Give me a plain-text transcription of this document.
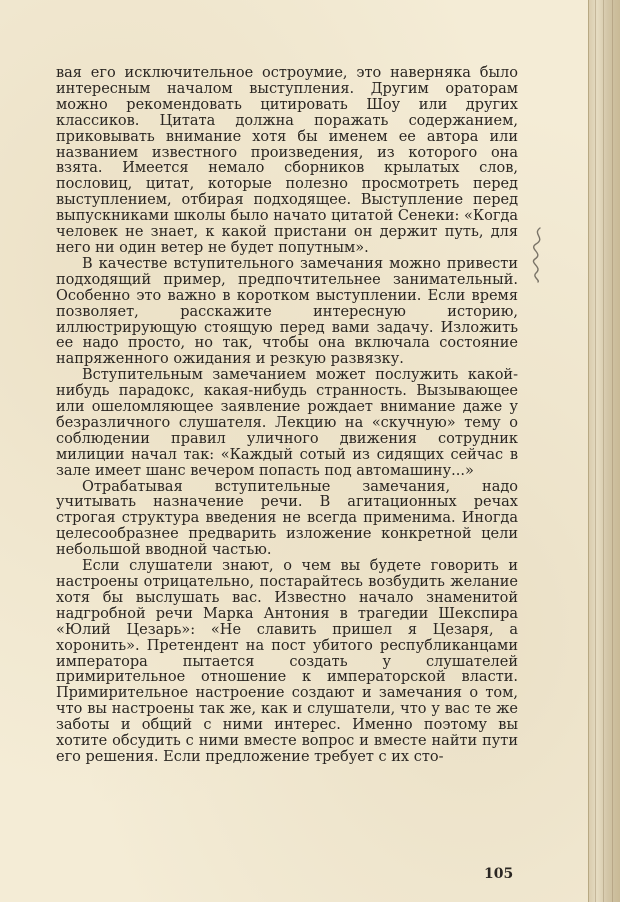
вая его исключительное остроумие, это наверняка было интересным началом выступления. Другим ораторам можно рекомендовать цитировать Шоу или других классиков. Цитата должна поражать содержанием, приковывать внимание хотя бы именем ее автора или названием известного произведения, из которого она взята. Имеется немало сборников крылатых слов, пословиц, цитат, которые полезно просмотреть перед выступлением, отбирая подходящее. Выступление перед выпускниками школы было начато цитатой Сенеки: «Когда человек не знает, к какой пристани он держит путь, для него ни один ветер не будет попутным».

В качестве вступительного замечания можно привести подходящий пример, предпочтительнее занимательный. Особенно это важно в коротком выступлении. Если время позволяет, расскажите интересную историю, иллюстрирующую стоящую перед вами задачу. Изложить ее надо просто, но так, чтобы она включала состояние напряженного ожидания и резкую развязку.

Вступительным замечанием может послужить какой-нибудь парадокс, какая-нибудь странность. Вызывающее или ошеломляющее заявление рождает внимание даже у безразличного слушателя. Лекцию на «скучную» тему о соблюдении правил уличного движения сотрудник милиции начал так: «Каждый сотый из сидящих сейчас в зале имеет шанс вечером попасть под автомашину...»

Отрабатывая вступительные замечания, надо учитывать назначение речи. В агитационных речах строгая структура введения не всегда применима. Иногда целесообразнее предварить изложение конкретной цели небольшой вводной частью.

Если слушатели знают, о чем вы будете говорить и настроены отрицательно, постарайтесь возбудить желание хотя бы выслушать вас. Известно начало знаменитой надгробной речи Марка Антония в трагедии Шекспира «Юлий Цезарь»: «Не славить пришел я Цезаря, а хоронить». Претендент на пост убитого республиканцами императора пытается создать у слушателей примирительное отношение к императорской власти. Примирительное настроение создают и замечания о том, что вы настроены так же, как и слушатели, что у вас те же заботы и общий с ними интерес. Именно поэтому вы хотите обсудить с ними вместе вопрос и вместе найти пути его решения. Если предложение требует с их сто-

105
